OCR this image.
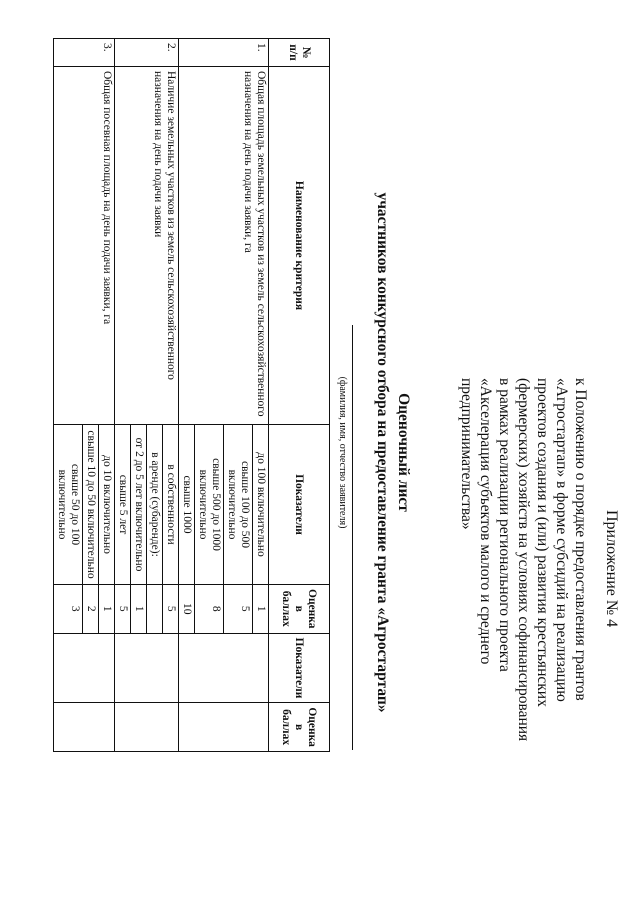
Приложение № 4
к Положению о порядке предоставления грантов
«Агростартап» в форме субсидий на реализацию
проектов создания и (или) развития крестьянских
(фермерских) хозяйств на условиях софинансирования
в рамках реализации регионального проекта
«Акселерация субъектов малого и среднего
предпринимательства»
Оценочный лист
участников конкурсного отбора на предоставление гранта «Агростартап»
(фамилия, имя, отчество заявителя)
№ п/п	Наименование критерия	Показатели	Оценка в баллах	Показатели	Оценка в баллах
1.	Общая площадь земельных участков из земель сельскохозяйственного назначения на день подачи заявки, га	до 100 включительно	1		
		свыше 100 до 500 включительно	5		
		свыше 500 до 1000 включительно	8		
		свыше 1000	10		
2.	Наличие земельных участков из земель сельскохозяйственного назначения на день подачи заявки	в собственности	5		
		в аренде (субаренде):			
		от 2 до 5 лет включительно	1		
		свыше 5 лет	5		
3.	Общая посевная площадь на день подачи заявки, га	до 10 включительно	1		
		свыше 10 до 50 включительно	2		
		свыше 50 до 100 включительно	3		
